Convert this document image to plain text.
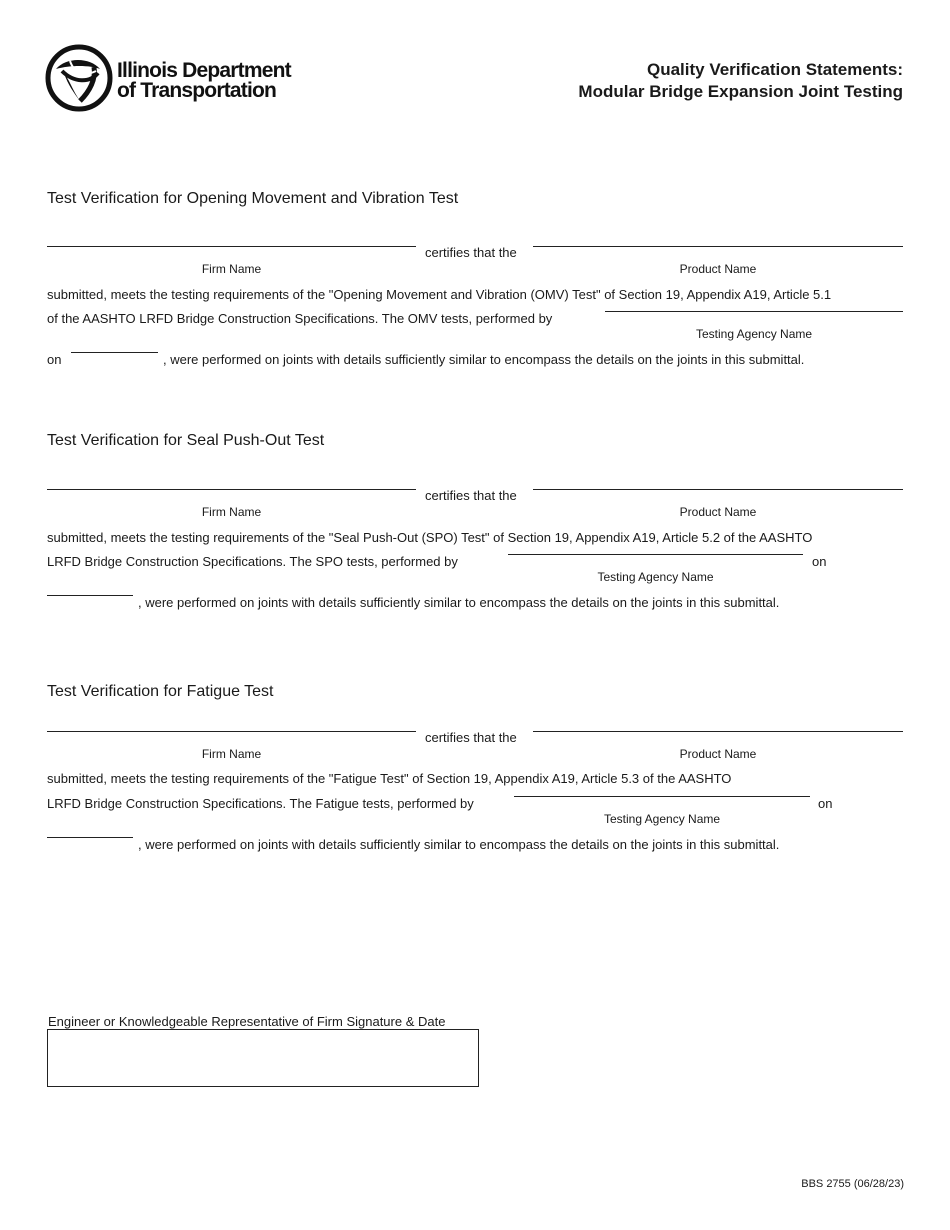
Illinois Department
of Transportation
Quality Verification Statements:
Modular Bridge Expansion Joint Testing
Test Verification for Opening Movement and Vibration Test
certifies that the
Firm Name	Product Name
submitted, meets the testing requirements of the "Opening Movement and Vibration (OMV) Test" of Section 19, Appendix A19, Article 5.1
of the AASHTO LRFD Bridge Construction Specifications. The OMV tests, performed by
Testing Agency Name
on	, were performed on joints with details sufficiently similar to encompass the details on the joints in this submittal.
Test Verification for Seal Push-Out Test
certifies that the
Firm Name	Product Name
submitted, meets the testing requirements of the "Seal Push-Out (SPO) Test" of Section 19, Appendix A19, Article 5.2 of the AASHTO
LRFD Bridge Construction Specifications. The SPO tests, performed by	on
Testing Agency Name
, were performed on joints with details sufficiently similar to encompass the details on the joints in this submittal.
Test Verification for Fatigue Test
certifies that the
Firm Name	Product Name
submitted, meets the testing requirements of the "Fatigue Test" of Section 19, Appendix A19, Article 5.3 of the AASHTO
LRFD Bridge Construction Specifications. The Fatigue tests, performed by	on
Testing Agency Name
, were performed on joints with details sufficiently similar to encompass the details on the joints in this submittal.
Engineer or Knowledgeable Representative of Firm Signature & Date
BBS 2755 (06/28/23)
